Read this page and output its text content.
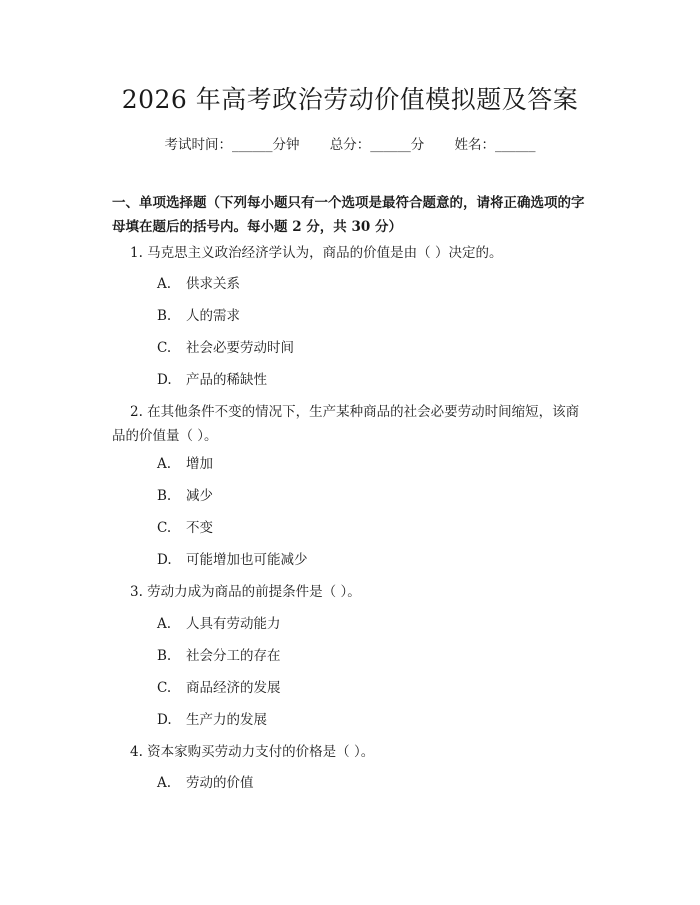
2026 年高考政治劳动价值模拟题及答案
考试时间：______分钟 总分：______分 姓名：______
一、单项选择题（下列每小题只有一个选项是最符合题意的，请将正确选项的字母填在题后的括号内。每小题 2 分，共 30 分）
1. 马克思主义政治经济学认为，商品的价值是由（ ）决定的。
A. 供求关系
B. 人的需求
C. 社会必要劳动时间
D. 产品的稀缺性
2. 在其他条件不变的情况下，生产某种商品的社会必要劳动时间缩短，该商品的价值量（ ）。
A. 增加
B. 减少
C. 不变
D. 可能增加也可能减少
3. 劳动力成为商品的前提条件是（ ）。
A. 人具有劳动能力
B. 社会分工的存在
C. 商品经济的发展
D. 生产力的发展
4. 资本家购买劳动力支付的价格是（ ）。
A. 劳动的价值
